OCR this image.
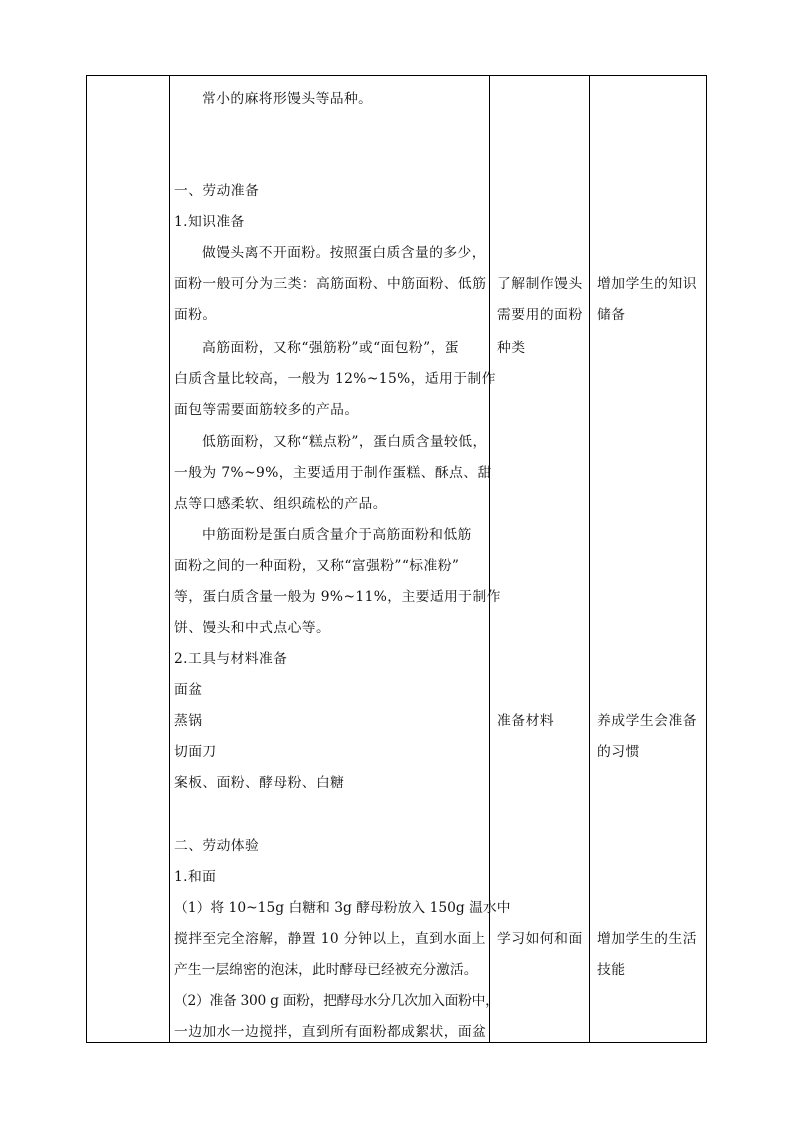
常小的麻将形馒头等品种。
一、劳动准备
1.知识准备
做馒头离不开面粉。按照蛋白质含量的多少，
面粉一般可分为三类：高筋面粉、中筋面粉、低筋
面粉。
高筋面粉，又称“强筋粉”或“面包粉”，蛋
白质含量比较高，一般为 12%~15%，适用于制作
面包等需要面筋较多的产品。
低筋面粉，又称“糕点粉”，蛋白质含量较低，
一般为 7%~9%，主要适用于制作蛋糕、酥点、甜
点等口感柔软、组织疏松的产品。
中筋面粉是蛋白质含量介于高筋面粉和低筋
面粉之间的一种面粉，又称“富强粉”“标准粉”
等，蛋白质含量一般为 9%~11%，主要适用于制作
饼、馒头和中式点心等。
2.工具与材料准备
面盆
蒸锅
切面刀
案板、面粉、酵母粉、白糖
二、劳动体验
1.和面
（1）将 10~15g 白糖和 3g 酵母粉放入 150g 温水中
搅拌至完全溶解，静置 10 分钟以上，直到水面上
产生一层绵密的泡沫，此时酵母已经被充分激活。
（2）准备 300 g 面粉，把酵母水分几次加入面粉中，
一边加水一边搅拌，直到所有面粉都成絮状，面盆
了解制作馒头
需要用的面粉
种类
准备材料
学习如何和面
增加学生的知识
储备
养成学生会准备
的习惯
增加学生的生活
技能
